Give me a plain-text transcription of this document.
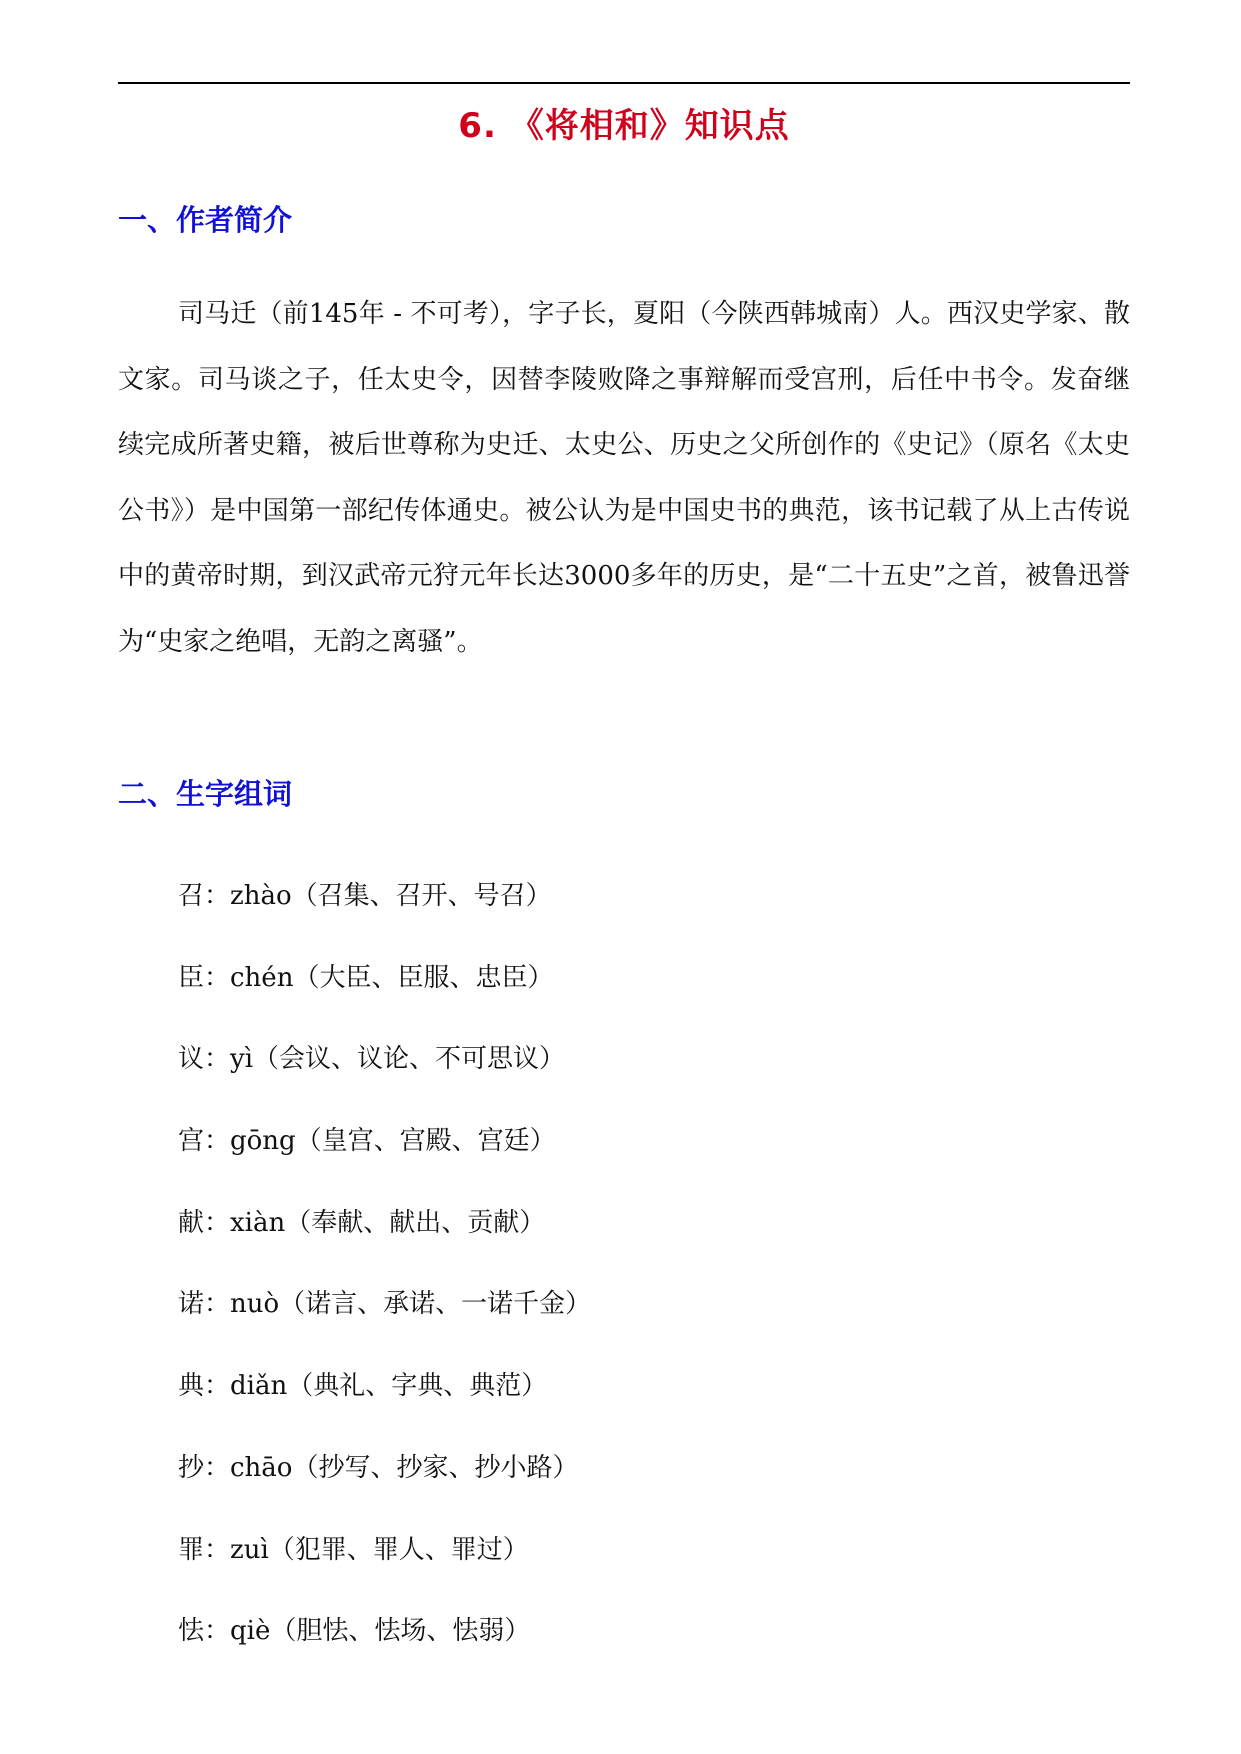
6. 《将相和》知识点
一、作者简介

司马迁（前145年 - 不可考），字子长，夏阳（今陕西韩城南）人。西汉史学家、散文家。司马谈之子，任太史令，因替李陵败降之事辩解而受宫刑，后任中书令。发奋继续完成所著史籍，被后世尊称为史迁、太史公、历史之父所创作的《史记》（原名《太史公书》）是中国第一部纪传体通史。被公认为是中国史书的典范，该书记载了从上古传说中的黄帝时期，到汉武帝元狩元年长达3000多年的历史，是“二十五史”之首，被鲁迅誉为“史家之绝唱，无韵之离骚”。

二、生字组词
召：zhào（召集、召开、号召）
臣：chén（大臣、臣服、忠臣）
议：yì（会议、议论、不可思议）
宫：gōng（皇宫、宫殿、宫廷）
献：xiàn（奉献、献出、贡献）
诺：nuò（诺言、承诺、一诺千金）
典：diǎn（典礼、字典、典范）
抄：chāo（抄写、抄家、抄小路）
罪：zuì（犯罪、罪人、罪过）
怯：qiè（胆怯、怯场、怯弱）
